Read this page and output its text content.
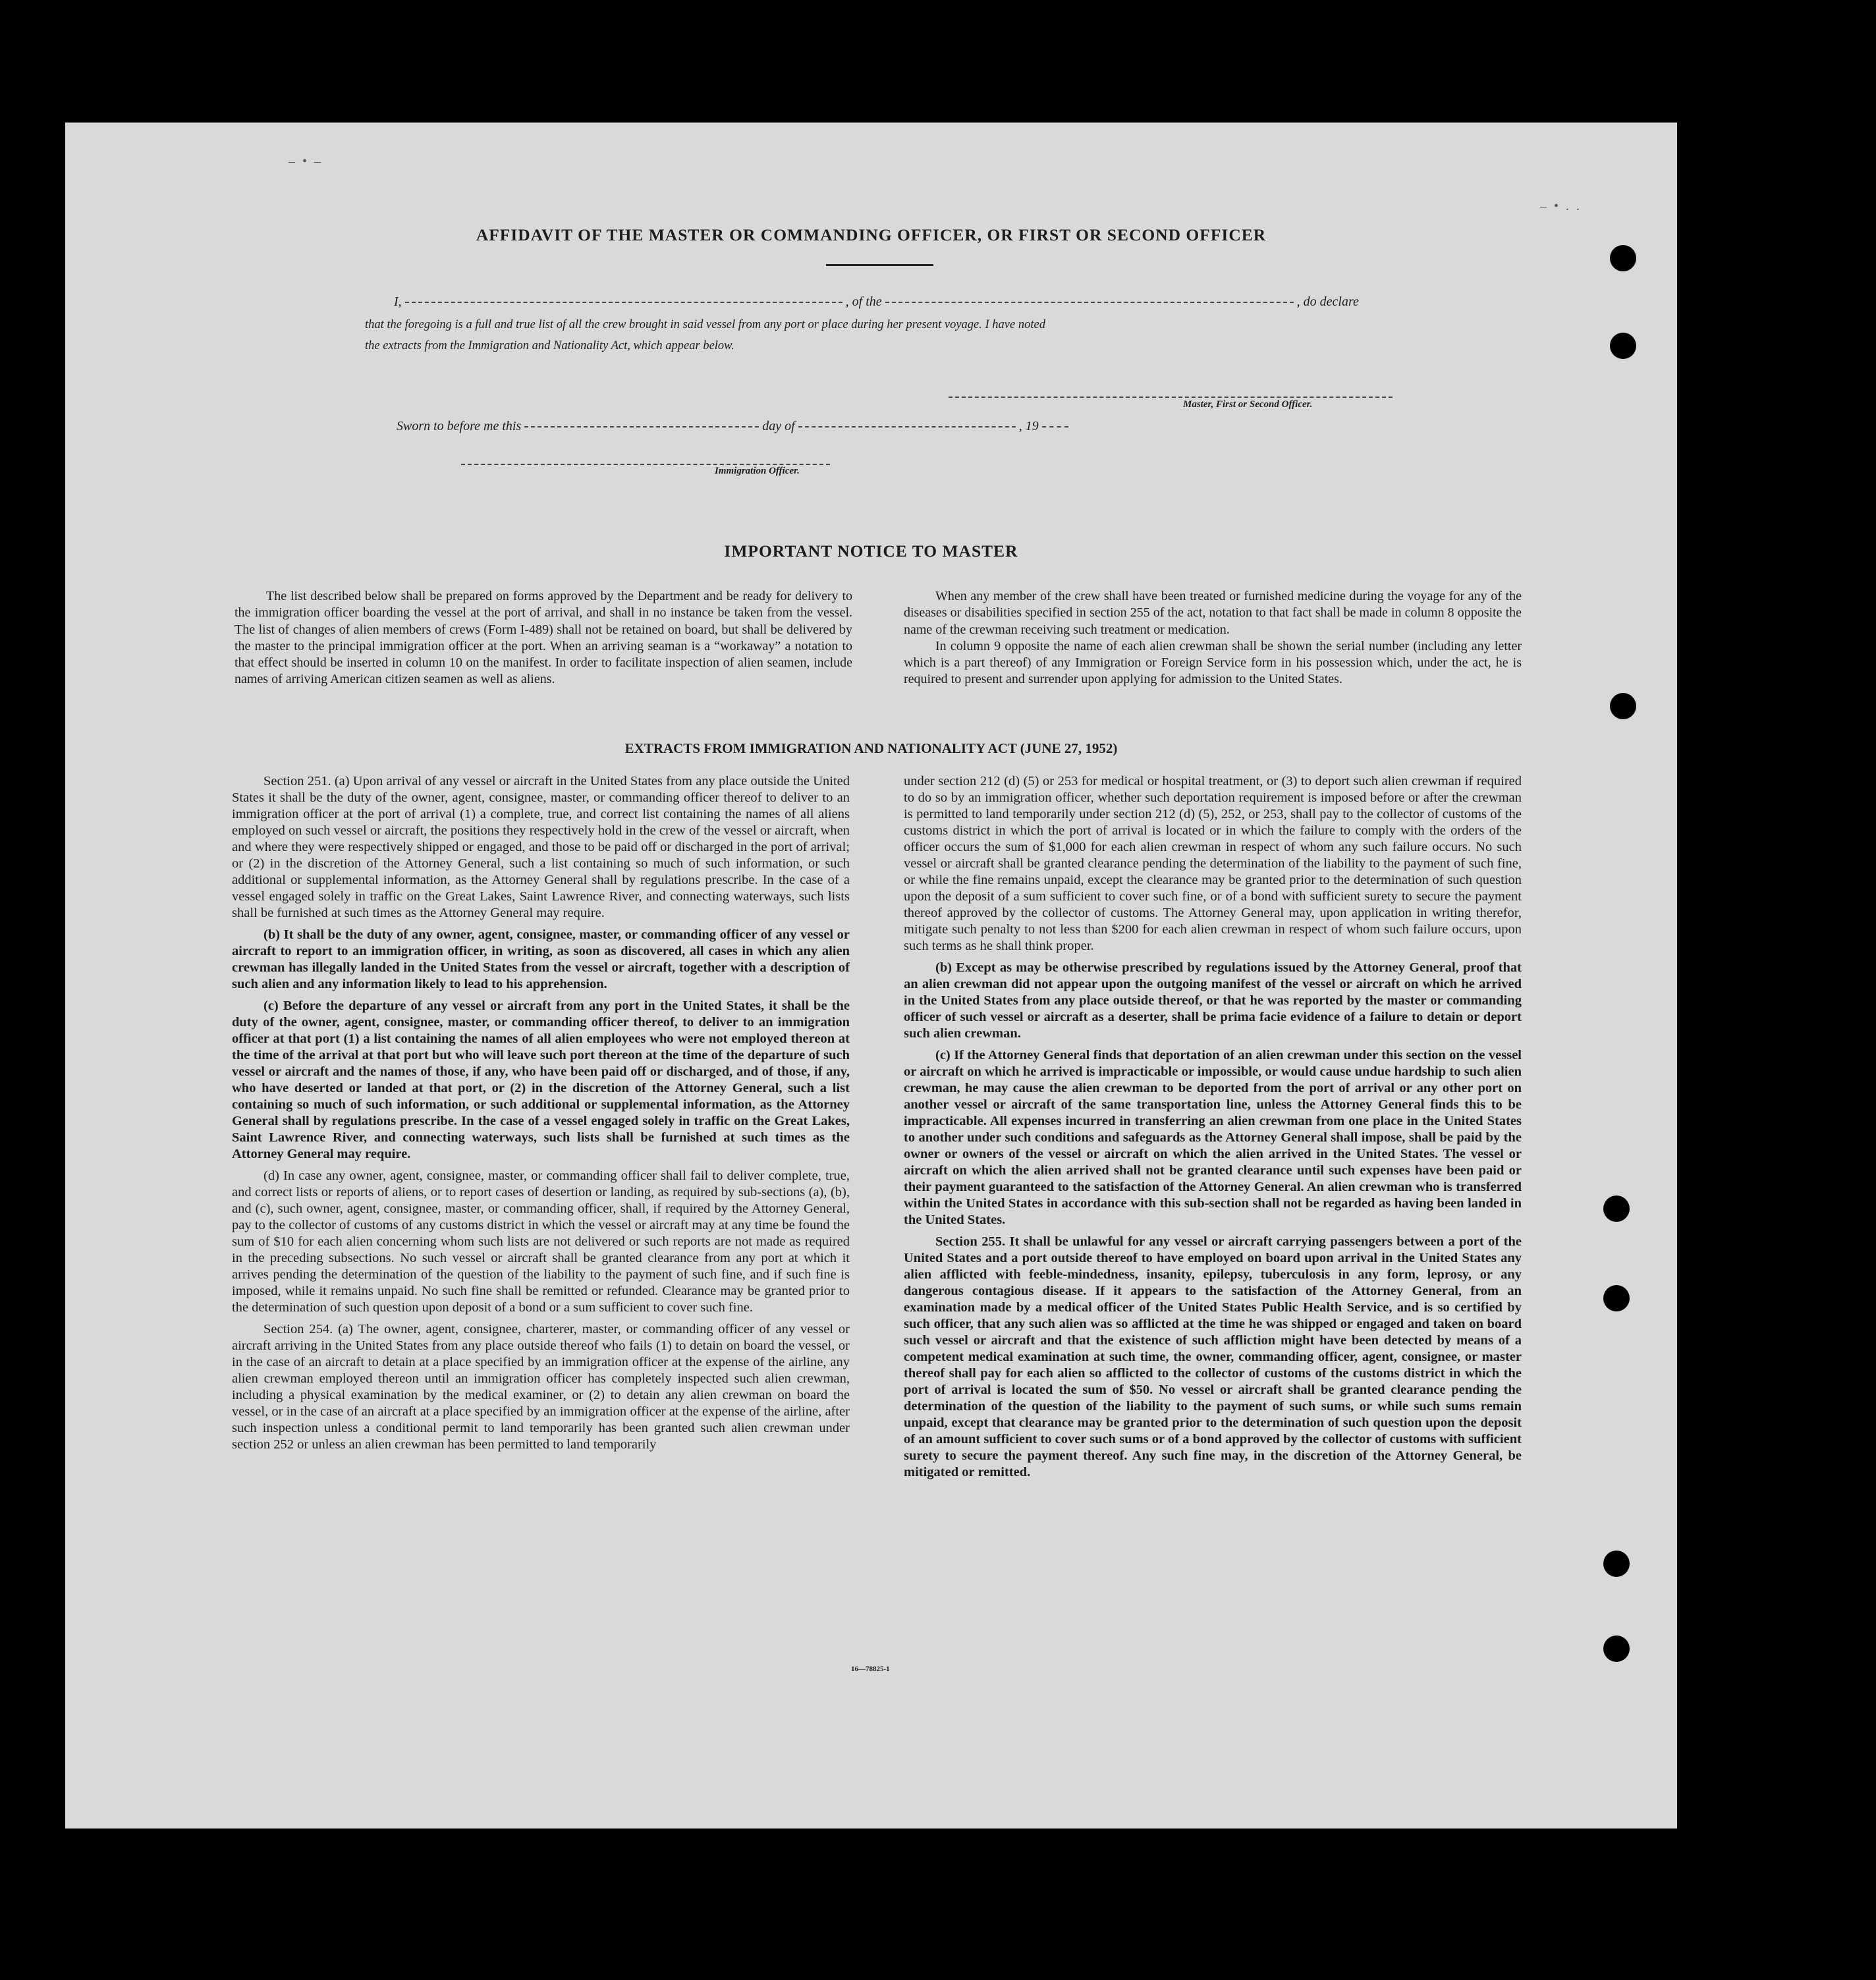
– • –
– • . .
AFFIDAVIT OF THE MASTER OR COMMANDING OFFICER, OR FIRST OR SECOND OFFICER
I,	, of the	, do declare
that the foregoing is a full and true list of all the crew brought in said vessel from any port or place during her present voyage. I have noted
the extracts from the Immigration and Nationality Act, which appear below.
Master, First or Second Officer.
Sworn to before me this	day of	, 19
Immigration Officer.
IMPORTANT NOTICE TO MASTER

The list described below shall be prepared on forms approved by the Department and be ready for delivery to the immigration officer boarding the vessel at the port of arrival, and shall in no instance be taken from the vessel. The list of changes of alien members of crews (Form I-489) shall not be retained on board, but shall be delivered by the master to the principal immigration officer at the port. When an arriving seaman is a “workaway” a notation to that effect should be inserted in column 10 on the manifest. In order to facilitate inspection of alien seamen, include names of arriving American citizen seamen as well as aliens.

When any member of the crew shall have been treated or furnished medicine during the voyage for any of the diseases or disabilities specified in section 255 of the act, notation to that fact shall be made in column 8 opposite the name of the crewman receiving such treatment or medication.

In column 9 opposite the name of each alien crewman shall be shown the serial number (including any letter which is a part thereof) of any Immigration or Foreign Service form in his possession which, under the act, he is required to present and surrender upon applying for admission to the United States.

EXTRACTS FROM IMMIGRATION AND NATIONALITY ACT (JUNE 27, 1952)

Section 251. (a) Upon arrival of any vessel or aircraft in the United States from any place outside the United States it shall be the duty of the owner, agent, consignee, master, or commanding officer thereof to deliver to an immigration officer at the port of arrival (1) a complete, true, and correct list containing the names of all aliens employed on such vessel or aircraft, the positions they respectively hold in the crew of the vessel or aircraft, when and where they were respectively shipped or engaged, and those to be paid off or discharged in the port of arrival; or (2) in the discretion of the Attorney General, such a list containing so much of such information, or such additional or supplemental information, as the Attorney General shall by regulations prescribe. In the case of a vessel engaged solely in traffic on the Great Lakes, Saint Lawrence River, and connecting waterways, such lists shall be furnished at such times as the Attorney General may require.

(b) It shall be the duty of any owner, agent, consignee, master, or commanding officer of any vessel or aircraft to report to an immigration officer, in writing, as soon as discovered, all cases in which any alien crewman has illegally landed in the United States from the vessel or aircraft, together with a description of such alien and any information likely to lead to his apprehension.

(c) Before the departure of any vessel or aircraft from any port in the United States, it shall be the duty of the owner, agent, consignee, master, or commanding officer thereof, to deliver to an immigration officer at that port (1) a list containing the names of all alien employees who were not employed thereon at the time of the arrival at that port but who will leave such port thereon at the time of the departure of such vessel or aircraft and the names of those, if any, who have been paid off or discharged, and of those, if any, who have deserted or landed at that port, or (2) in the discretion of the Attorney General, such a list containing so much of such information, or such additional or supplemental information, as the Attorney General shall by regulations prescribe. In the case of a vessel engaged solely in traffic on the Great Lakes, Saint Lawrence River, and connecting waterways, such lists shall be furnished at such times as the Attorney General may require.

(d) In case any owner, agent, consignee, master, or commanding officer shall fail to deliver complete, true, and correct lists or reports of aliens, or to report cases of desertion or landing, as required by sub-sections (a), (b), and (c), such owner, agent, consignee, master, or commanding officer, shall, if required by the Attorney General, pay to the collector of customs of any customs district in which the vessel or aircraft may at any time be found the sum of $10 for each alien concerning whom such lists are not delivered or such reports are not made as required in the preceding subsections. No such vessel or aircraft shall be granted clearance from any port at which it arrives pending the determination of the question of the liability to the payment of such fine, and if such fine is imposed, while it remains unpaid. No such fine shall be remitted or refunded. Clearance may be granted prior to the determination of such question upon deposit of a bond or a sum sufficient to cover such fine.

Section 254. (a) The owner, agent, consignee, charterer, master, or commanding officer of any vessel or aircraft arriving in the United States from any place outside thereof who fails (1) to detain on board the vessel, or in the case of an aircraft to detain at a place specified by an immigration officer at the expense of the airline, any alien crewman employed thereon until an immigration officer has completely inspected such alien crewman, including a physical examination by the medical examiner, or (2) to detain any alien crewman on board the vessel, or in the case of an aircraft at a place specified by an immigration officer at the expense of the airline, after such inspection unless a conditional permit to land temporarily has been granted such alien crewman under section 252 or unless an alien crewman has been permitted to land temporarily

under section 212 (d) (5) or 253 for medical or hospital treatment, or (3) to deport such alien crewman if required to do so by an immigration officer, whether such deportation requirement is imposed before or after the crewman is permitted to land temporarily under section 212 (d) (5), 252, or 253, shall pay to the collector of customs of the customs district in which the port of arrival is located or in which the failure to comply with the orders of the officer occurs the sum of $1,000 for each alien crewman in respect of whom any such failure occurs. No such vessel or aircraft shall be granted clearance pending the determination of the liability to the payment of such fine, or while the fine remains unpaid, except the clearance may be granted prior to the determination of such question upon the deposit of a sum sufficient to cover such fine, or of a bond with sufficient surety to secure the payment thereof approved by the collector of customs. The Attorney General may, upon application in writing therefor, mitigate such penalty to not less than $200 for each alien crewman in respect of whom such failure occurs, upon such terms as he shall think proper.

(b) Except as may be otherwise prescribed by regulations issued by the Attorney General, proof that an alien crewman did not appear upon the outgoing manifest of the vessel or aircraft on which he arrived in the United States from any place outside thereof, or that he was reported by the master or commanding officer of such vessel or aircraft as a deserter, shall be prima facie evidence of a failure to detain or deport such alien crewman.

(c) If the Attorney General finds that deportation of an alien crewman under this section on the vessel or aircraft on which he arrived is impracticable or impossible, or would cause undue hardship to such alien crewman, he may cause the alien crewman to be deported from the port of arrival or any other port on another vessel or aircraft of the same transportation line, unless the Attorney General finds this to be impracticable. All expenses incurred in transferring an alien crewman from one place in the United States to another under such conditions and safeguards as the Attorney General shall impose, shall be paid by the owner or owners of the vessel or aircraft on which the alien arrived in the United States. The vessel or aircraft on which the alien arrived shall not be granted clearance until such expenses have been paid or their payment guaranteed to the satisfaction of the Attorney General. An alien crewman who is transferred within the United States in accordance with this sub-section shall not be regarded as having been landed in the United States.

Section 255. It shall be unlawful for any vessel or aircraft carrying passengers between a port of the United States and a port outside thereof to have employed on board upon arrival in the United States any alien afflicted with feeble-mindedness, insanity, epilepsy, tuberculosis in any form, leprosy, or any dangerous contagious disease. If it appears to the satisfaction of the Attorney General, from an examination made by a medical officer of the United States Public Health Service, and is so certified by such officer, that any such alien was so afflicted at the time he was shipped or engaged and taken on board such vessel or aircraft and that the existence of such affliction might have been detected by means of a competent medical examination at such time, the owner, commanding officer, agent, consignee, or master thereof shall pay for each alien so afflicted to the collector of customs of the customs district in which the port of arrival is located the sum of $50. No vessel or aircraft shall be granted clearance pending the determination of the question of the liability to the payment of such sums, or while such sums remain unpaid, except that clearance may be granted prior to the determination of such question upon the deposit of an amount sufficient to cover such sums or of a bond approved by the collector of customs with sufficient surety to secure the payment thereof. Any such fine may, in the discretion of the Attorney General, be mitigated or remitted.

16—78825-1
